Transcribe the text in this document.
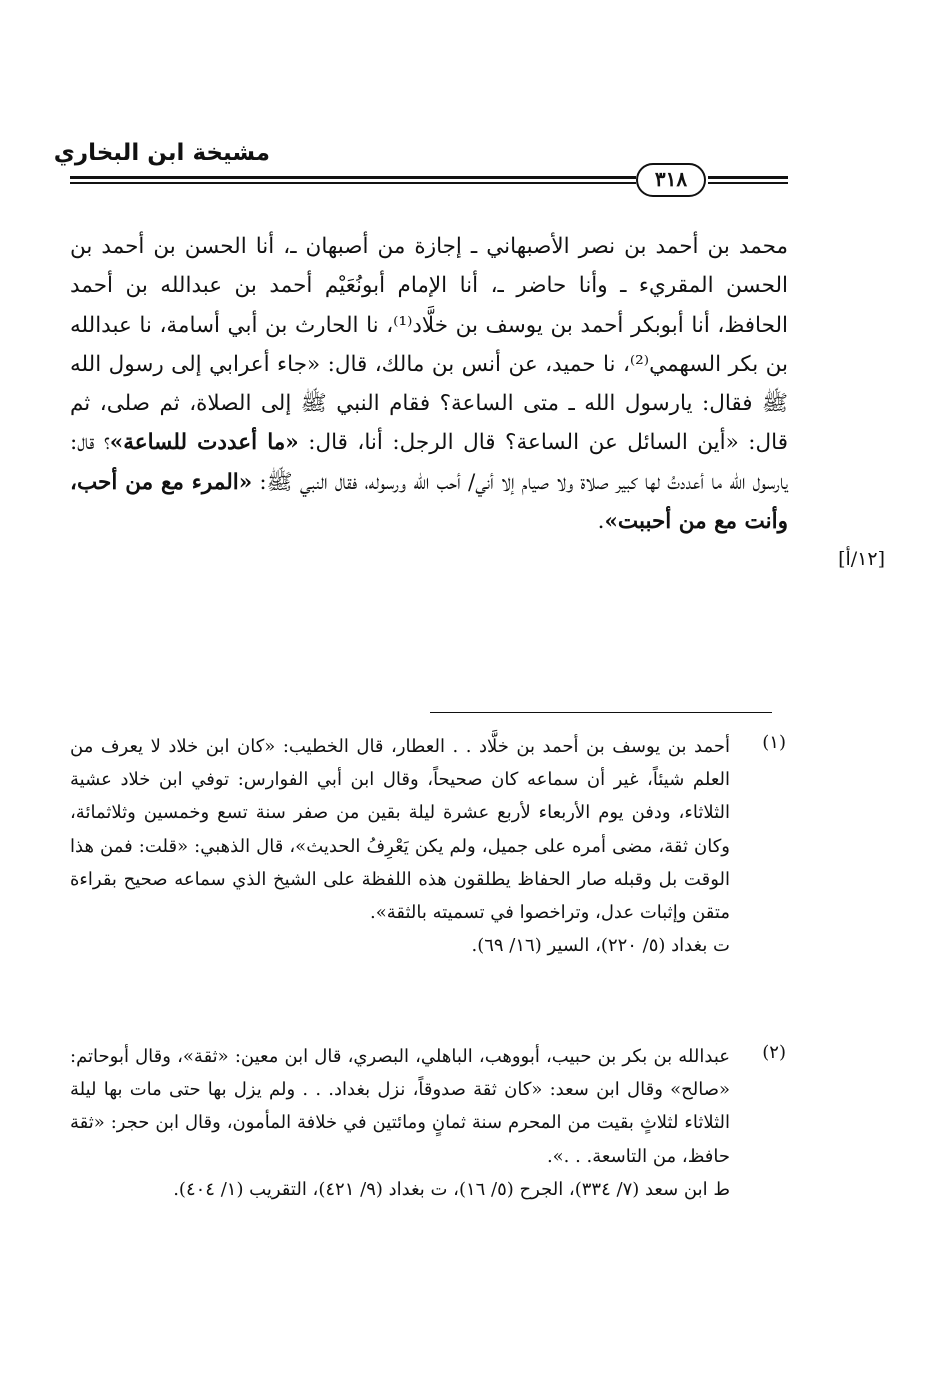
مشيخة ابن البخاري
٣١٨
[١٢/أ]

محمد بن أحمد بن نصر الأصبهاني ـ إجازة من أصبهان ـ، أنا الحسن بن أحمد بن الحسن المقريء ـ وأنا حاضر ـ، أنا الإمام أبونُعَيْم أحمد بن عبدالله بن أحمد الحافظ، أنا أبوبكر أحمد بن يوسف بن خلَّاد⁽¹⁾، نا الحارث بن أبي أسامة، نا عبدالله بن بكر السهمي⁽²⁾، نا حميد، عن أنس بن مالك، قال: «جاء أعرابي إلى رسول الله ﷺ فقال: يارسول الله ـ متى الساعة؟ فقام النبي ﷺ إلى الصلاة، ثم صلى، ثم قال: «أين السائل عن الساعة؟ قال الرجل: أنا، قال: «ما أعددت للساعة»؟ قال: يارسول الله ما أعددتُ لها كبير صلاة ولا صيام إلا أني/ أحب الله ورسوله، فقال النبي ﷺ: «المرء مع من أحب، وأنت مع من أحببت».

(١)

أحمد بن يوسف بن أحمد بن خلَّاد . . العطار، قال الخطيب: «كان ابن خلاد لا يعرف من العلم شيئاً، غير أن سماعه كان صحيحاً، وقال ابن أبي الفوارس: توفي ابن خلاد عشية الثلاثاء، ودفن يوم الأربعاء لأربع عشرة ليلة بقين من صفر سنة تسع وخمسين وثلاثمائة، وكان ثقة، مضى أمره على جميل، ولم يكن يَعْرِفُ الحديث»، قال الذهبي: «قلت: فمن هذا الوقت بل وقبله صار الحفاظ يطلقون هذه اللفظة على الشيخ الذي سماعه صحيح بقراءة متقن وإثبات عدل، وتراخصوا في تسميته بالثقة».

ت بغداد (٥/ ٢٢٠)، السير (١٦/ ٦٩).

(٢)

عبدالله بن بكر بن حبيب، أبووهب، الباهلي، البصري، قال ابن معين: «ثقة»، وقال أبوحاتم: «صالح» وقال ابن سعد: «كان ثقة صدوقاً، نزل بغداد. . . ولم يزل بها حتى مات بها ليلة الثلاثاء لثلاثٍ بقيت من المحرم سنة ثمانٍ ومائتين في خلافة المأمون، وقال ابن حجر: «ثقة حافظ، من التاسعة. . .».

ط ابن سعد (٧/ ٣٣٤)، الجرح (٥/ ١٦)، ت بغداد (٩/ ٤٢١)، التقريب (١/ ٤٠٤).
